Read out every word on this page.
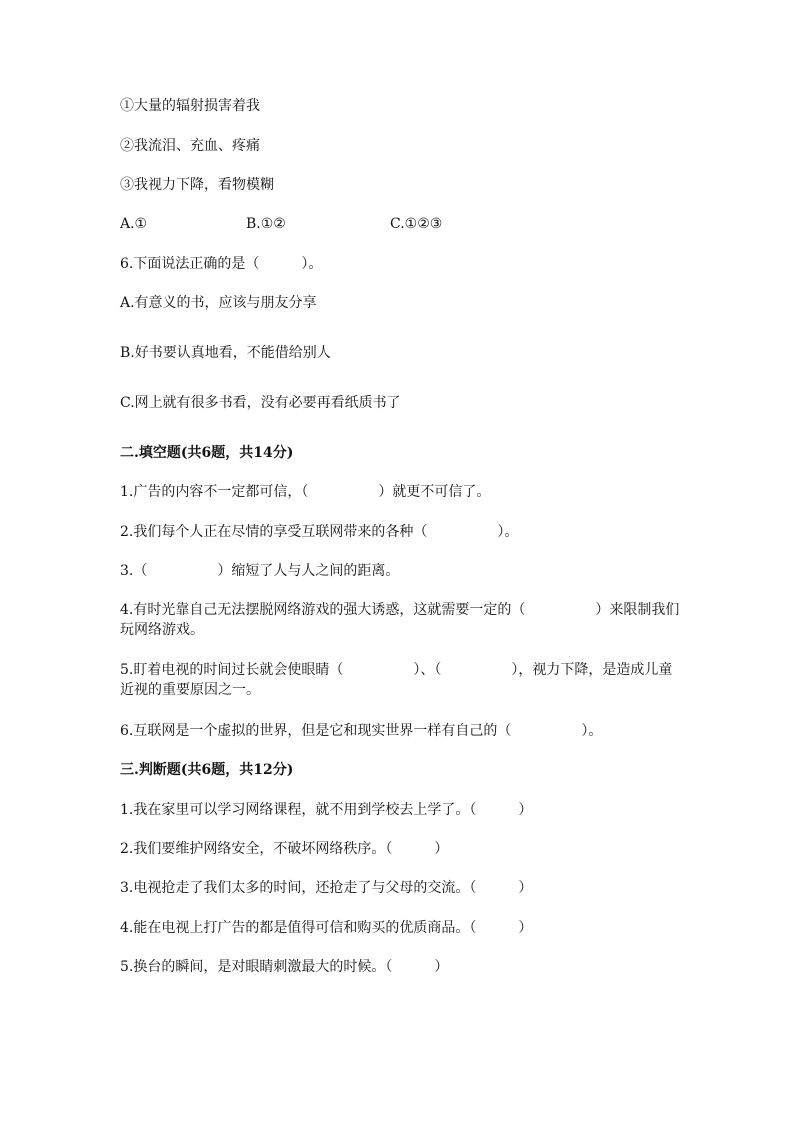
①大量的辐射损害着我

②我流泪、充血、疼痛

③我视力下降，看物模糊

A.①	B.①②	C.①②③

6.下面说法正确的是（　　　）。

A.有意义的书，应该与朋友分享

B.好书要认真地看，不能借给别人

C.网上就有很多书看，没有必要再看纸质书了

二.填空题(共6题，共14分)

1.广告的内容不一定都可信，（　　　　　）就更不可信了。

2.我们每个人正在尽情的享受互联网带来的各种（　　　　　）。

3.（　　　　　）缩短了人与人之间的距离。

4.有时光靠自己无法摆脱网络游戏的强大诱惑，这就需要一定的（　　　　　）来限制我们玩网络游戏。

5.盯着电视的时间过长就会使眼睛（　　　　　）、（　　　　　），视力下降，是造成儿童近视的重要原因之一。

6.互联网是一个虚拟的世界，但是它和现实世界一样有自己的（　　　　　）。

三.判断题(共6题，共12分)

1.我在家里可以学习网络课程，就不用到学校去上学了。（　　　）

2.我们要维护网络安全，不破坏网络秩序。（　　　）

3.电视抢走了我们太多的时间，还抢走了与父母的交流。（　　　）

4.能在电视上打广告的都是值得可信和购买的优质商品。（　　　）

5.换台的瞬间，是对眼睛刺激最大的时候。（　　　）
